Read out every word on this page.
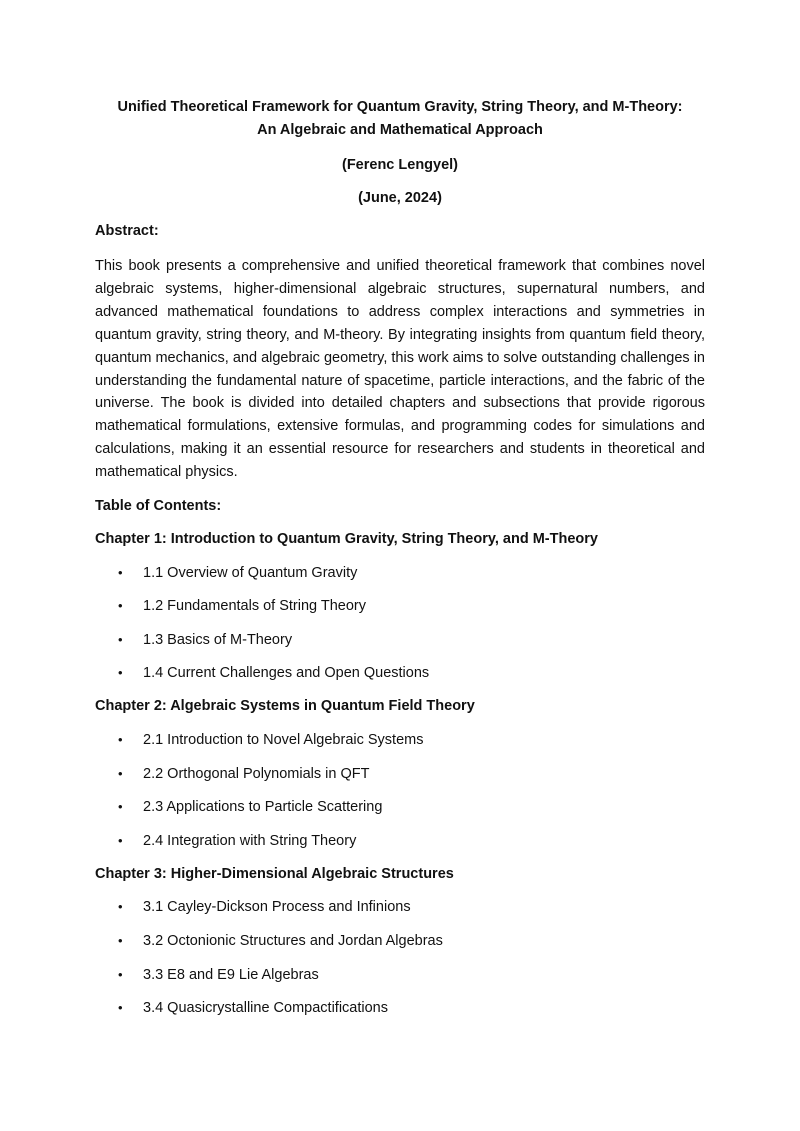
Unified Theoretical Framework for Quantum Gravity, String Theory, and M-Theory:

An Algebraic and Mathematical Approach

(Ferenc Lengyel)

(June, 2024)

Abstract:

This book presents a comprehensive and unified theoretical framework that combines novel algebraic systems, higher-dimensional algebraic structures, supernatural numbers, and advanced mathematical foundations to address complex interactions and symmetries in quantum gravity, string theory, and M-theory. By integrating insights from quantum field theory, quantum mechanics, and algebraic geometry, this work aims to solve outstanding challenges in understanding the fundamental nature of spacetime, particle interactions, and the fabric of the universe. The book is divided into detailed chapters and subsections that provide rigorous mathematical formulations, extensive formulas, and programming codes for simulations and calculations, making it an essential resource for researchers and students in theoretical and mathematical physics.

Table of Contents:

Chapter 1: Introduction to Quantum Gravity, String Theory, and M-Theory

• 1.1 Overview of Quantum Gravity
• 1.2 Fundamentals of String Theory
• 1.3 Basics of M-Theory
• 1.4 Current Challenges and Open Questions

Chapter 2: Algebraic Systems in Quantum Field Theory

• 2.1 Introduction to Novel Algebraic Systems
• 2.2 Orthogonal Polynomials in QFT
• 2.3 Applications to Particle Scattering
• 2.4 Integration with String Theory

Chapter 3: Higher-Dimensional Algebraic Structures

• 3.1 Cayley-Dickson Process and Infinions
• 3.2 Octonionic Structures and Jordan Algebras
• 3.3 E8 and E9 Lie Algebras
• 3.4 Quasicrystalline Compactifications
